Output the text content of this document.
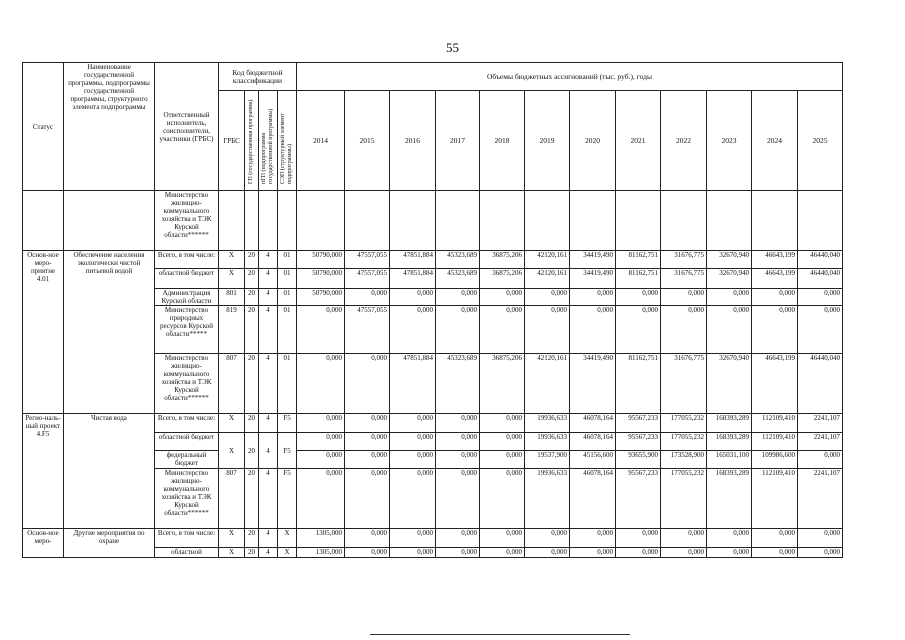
55
Статус	Наименование государственной программы, подпрограммы государственной программы, структурного элемента подпрограммы	Ответственный исполнитель, соисполнители, участники (ГРБС)	Код бюджетной классификации				Объемы бюджетных ассигнований (тыс. руб.), годы											
			ГРБС	ГП (государственная программа)	пГП (подпрограмма государственной программы)	СЭП (структурный элемент подпрограммы)	2014	2015	2016	2017	2018	2019	2020	2021	2022	2023	2024	2025
		Министерство жилищно-коммунального хозяйства и ТЭК Курской области******																
Основ-ное меро-приятие 4.01	Обеспечение населения экологически чистой питьевой водой	Всего, в том числе:	X	20	4	01	50790,000	47557,055	47851,884	45323,689	36875,206	42120,161	34419,490	81162,751	31676,775	32670,940	46643,199	46440,040
		областной бюджет	X	20	4	01	50790,000	47557,055	47851,884	45323,689	36875,206	42120,161	34419,490	81162,751	31676,775	32670,940	46643,199	46440,040
		Администрация Курской области	801	20	4	01	50790,000	0,000	0,000	0,000	0,000	0,000	0,000	0,000	0,000	0,000	0,000	0,000
		Министерство природных ресурсов Курской области*****	819	20	4	01	0,000	47557,055	0,000	0,000	0,000	0,000	0,000	0,000	0,000	0,000	0,000	0,000
		Министерство жилищно-коммунального хозяйства и ТЭК Курской области******	807	20	4	01	0,000	0,000	47851,884	45323,689	36875,206	42120,161	34419,490	81162,751	31676,775	32670,940	46643,199	46440,040
Регио-наль-ный проект 4.F5	Чистая вода	Всего, в том числе:	X	20	4	F5	0,000	0,000	0,000	0,000	0,000	19936,633	46078,164	95567,233	177055,232	168393,289	112109,410	2241,107
		областной бюджет	X	20	4	F5	0,000	0,000	0,000	0,000	0,000	19936,633	46078,164	95567,233	177055,232	168393,289	112109,410	2241,107
		федеральный бюджет					0,000	0,000	0,000	0,000	0,000	19537,900	45156,600	93655,900	173528,900	165031,100	109986,600	0,000
		Министерство жилищно-коммунального хозяйства и ТЭК Курской области******	807	20	4	F5	0,000	0,000	0,000	0,000	0,000	19936,633	46078,164	95567,233	177055,232	168393,289	112109,410	2241,107
Основ-ное меро-	Другие мероприятия по охране	Всего, в том числе:	X	20	4	X	1305,000	0,000	0,000	0,000	0,000	0,000	0,000	0,000	0,000	0,000	0,000	0,000
		областной	X	20	4	X	1305,000	0,000	0,000	0,000	0,000	0,000	0,000	0,000	0,000	0,000	0,000	0,000
